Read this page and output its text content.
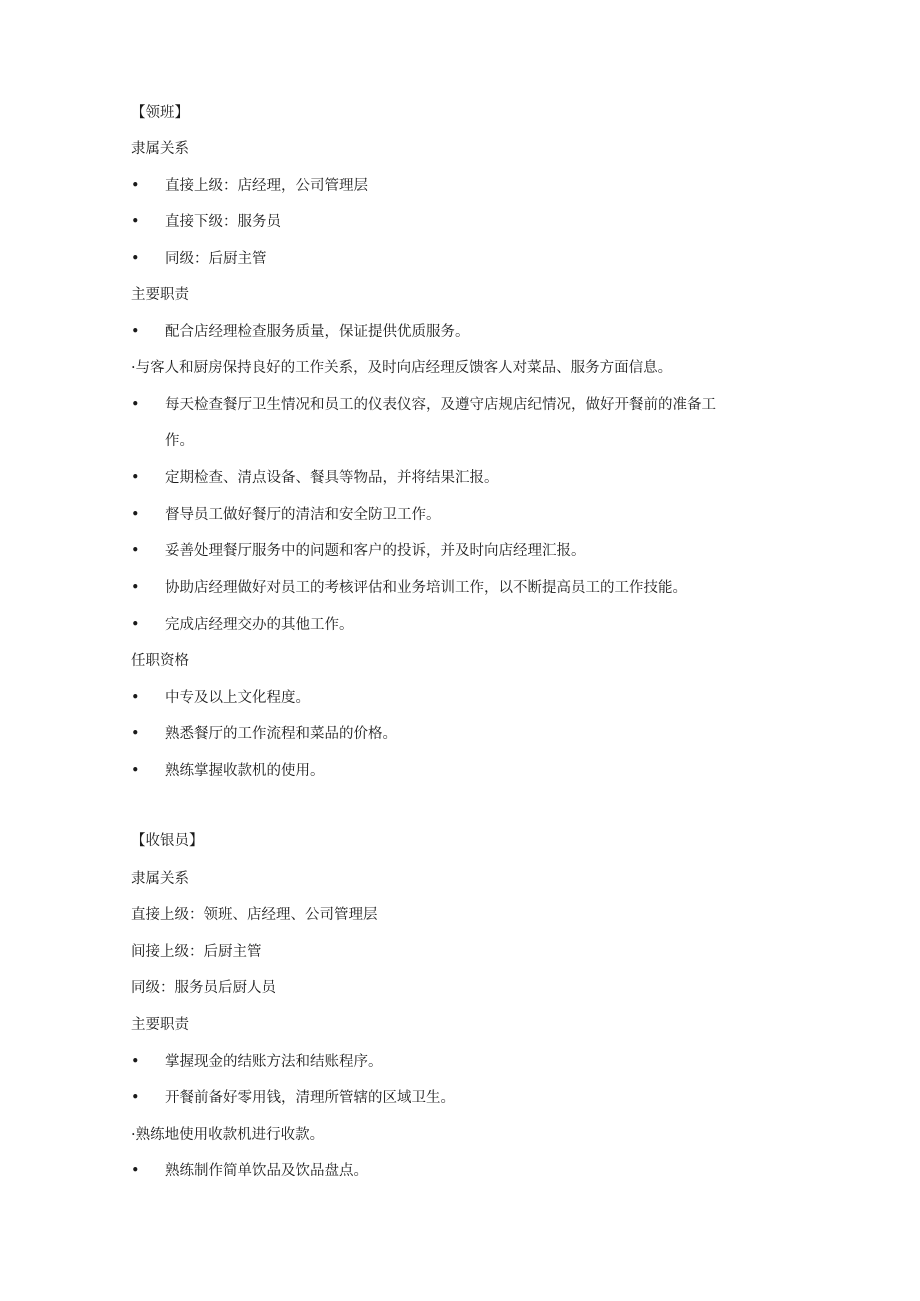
【领班】
隶属关系
•	直接上级：店经理，公司管理层
•	直接下级：服务员
•	同级：后厨主管
主要职责
•	配合店经理检查服务质量，保证提供优质服务。
·与客人和厨房保持良好的工作关系，及时向店经理反馈客人对菜品、服务方面信息。
•	每天检查餐厅卫生情况和员工的仪表仪容，及遵守店规店纪情况，做好开餐前的准备工
作。
•	定期检查、清点设备、餐具等物品，并将结果汇报。
•	督导员工做好餐厅的清洁和安全防卫工作。
•	妥善处理餐厅服务中的问题和客户的投诉，并及时向店经理汇报。
•	协助店经理做好对员工的考核评估和业务培训工作，以不断提高员工的工作技能。
•	完成店经理交办的其他工作。
任职资格
•	中专及以上文化程度。
•	熟悉餐厅的工作流程和菜品的价格。
•	熟练掌握收款机的使用。
【收银员】
隶属关系
直接上级：领班、店经理、公司管理层
间接上级：后厨主管
同级：服务员后厨人员
主要职责
•	掌握现金的结账方法和结账程序。
•	开餐前备好零用钱，清理所管辖的区域卫生。
·熟练地使用收款机进行收款。
•	熟练制作简单饮品及饮品盘点。
